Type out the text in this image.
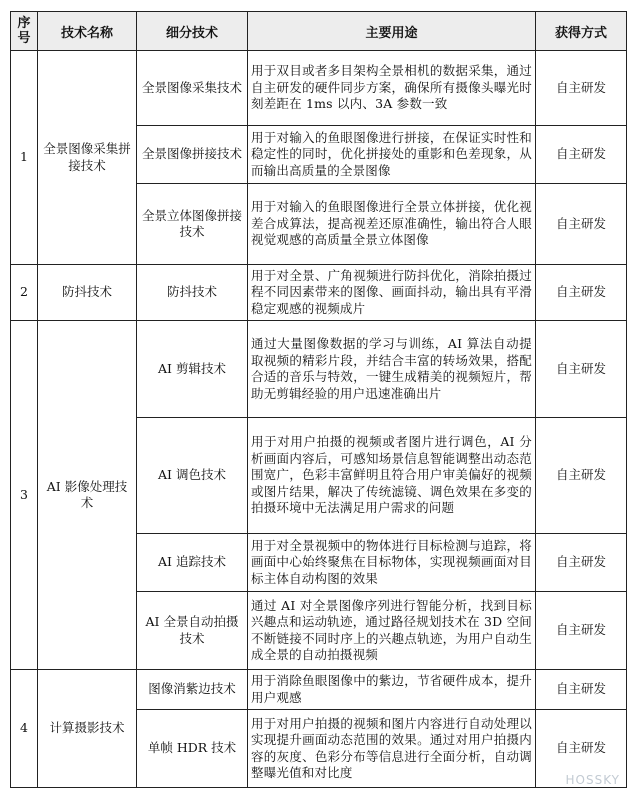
序号	技术名称	细分技术	主要用途	获得方式
1	全景图像采集拼接技术	全景图像采集技术	用于双目或者多目架构全景相机的数据采集，通过自主研发的硬件同步方案，确保所有摄像头曝光时刻差距在 1ms 以内、3A 参数一致	自主研发
		全景图像拼接技术	用于对输入的鱼眼图像进行拼接，在保证实时性和稳定性的同时，优化拼接处的重影和色差现象，从而输出高质量的全景图像	自主研发
		全景立体图像拼接技术	用于对输入的鱼眼图像进行全景立体拼接，优化视差合成算法，提高视差还原准确性，输出符合人眼视觉观感的高质量全景立体图像	自主研发
2	防抖技术	防抖技术	用于对全景、广角视频进行防抖优化，消除拍摄过程不同因素带来的图像、画面抖动，输出具有平滑稳定观感的视频成片	自主研发
3	AI 影像处理技术	AI 剪辑技术	通过大量图像数据的学习与训练，AI 算法自动提取视频的精彩片段，并结合丰富的转场效果，搭配合适的音乐与特效，一键生成精美的视频短片，帮助无剪辑经验的用户迅速准确出片	自主研发
		AI 调色技术	用于对用户拍摄的视频或者图片进行调色，AI 分析画面内容后，可感知场景信息智能调整出动态范围宽广，色彩丰富鲜明且符合用户审美偏好的视频或图片结果，解决了传统滤镜、调色效果在多变的拍摄环境中无法满足用户需求的问题	自主研发
		AI 追踪技术	用于对全景视频中的物体进行目标检测与追踪，将画面中心始终聚焦在目标物体，实现视频画面对目标主体自动构图的效果	自主研发
		AI 全景自动拍摄技术	通过 AI 对全景图像序列进行智能分析，找到目标兴趣点和运动轨迹，通过路径规划技术在 3D 空间不断链接不同时序上的兴趣点轨迹，为用户自动生成全景的自动拍摄视频	自主研发
4	计算摄影技术	图像消紫边技术	用于消除鱼眼图像中的紫边，节省硬件成本，提升用户观感	自主研发
		单帧 HDR 技术	用于对用户拍摄的视频和图片内容进行自动处理以实现提升画面动态范围的效果。通过对用户拍摄内容的灰度、色彩分布等信息进行全面分析，自动调整曝光值和对比度	自主研发
HOSSKY
